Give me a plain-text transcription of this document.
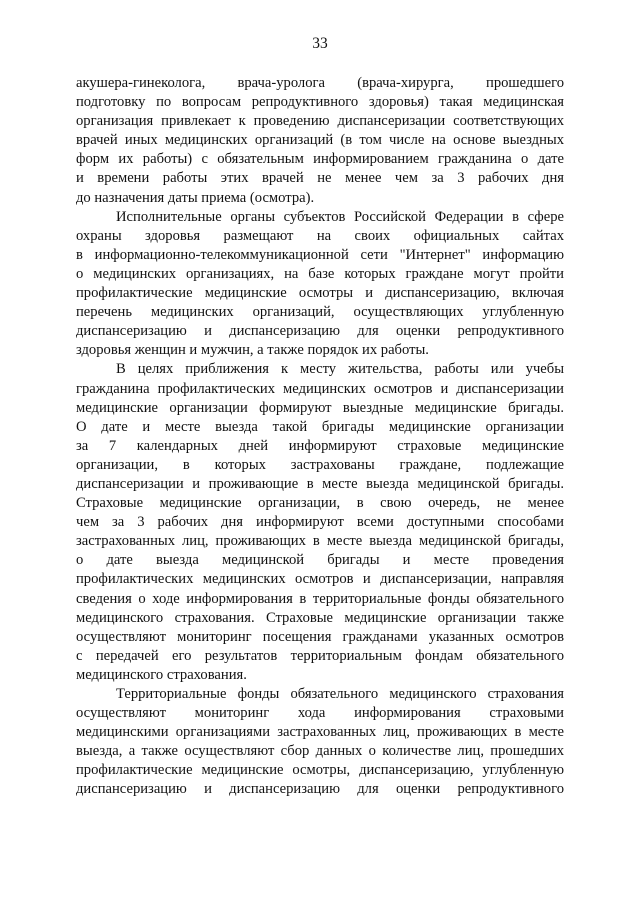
33

акушера-гинеколога, врача-уролога (врача-хирурга, прошедшего
подготовку по вопросам репродуктивного здоровья) такая медицинская
организация привлекает к проведению диспансеризации соответствующих
врачей иных медицинских организаций (в том числе на основе выездных
форм их работы) с обязательным информированием гражданина о дате
и времени работы этих врачей не менее чем за 3 рабочих дня
до назначения даты приема (осмотра).

Исполнительные органы субъектов Российской Федерации в сфере
охраны здоровья размещают на своих официальных сайтах
в информационно-телекоммуникационной сети "Интернет" информацию
о медицинских организациях, на базе которых граждане могут пройти
профилактические медицинские осмотры и диспансеризацию, включая
перечень медицинских организаций, осуществляющих углубленную
диспансеризацию и диспансеризацию для оценки репродуктивного
здоровья женщин и мужчин, а также порядок их работы.

В целях приближения к месту жительства, работы или учебы
гражданина профилактических медицинских осмотров и диспансеризации
медицинские организации формируют выездные медицинские бригады.
О дате и месте выезда такой бригады медицинские организации
за 7 календарных дней информируют страховые медицинские
организации, в которых застрахованы граждане, подлежащие
диспансеризации и проживающие в месте выезда медицинской бригады.
Страховые медицинские организации, в свою очередь, не менее
чем за 3 рабочих дня информируют всеми доступными способами
застрахованных лиц, проживающих в месте выезда медицинской бригады,
о дате выезда медицинской бригады и месте проведения
профилактических медицинских осмотров и диспансеризации, направляя
сведения о ходе информирования в территориальные фонды обязательного
медицинского страхования. Страховые медицинские организации также
осуществляют мониторинг посещения гражданами указанных осмотров
с передачей его результатов территориальным фондам обязательного
медицинского страхования.

Территориальные фонды обязательного медицинского страхования
осуществляют мониторинг хода информирования страховыми
медицинскими организациями застрахованных лиц, проживающих в месте
выезда, а также осуществляют сбор данных о количестве лиц, прошедших
профилактические медицинские осмотры, диспансеризацию, углубленную
диспансеризацию и диспансеризацию для оценки репродуктивного
